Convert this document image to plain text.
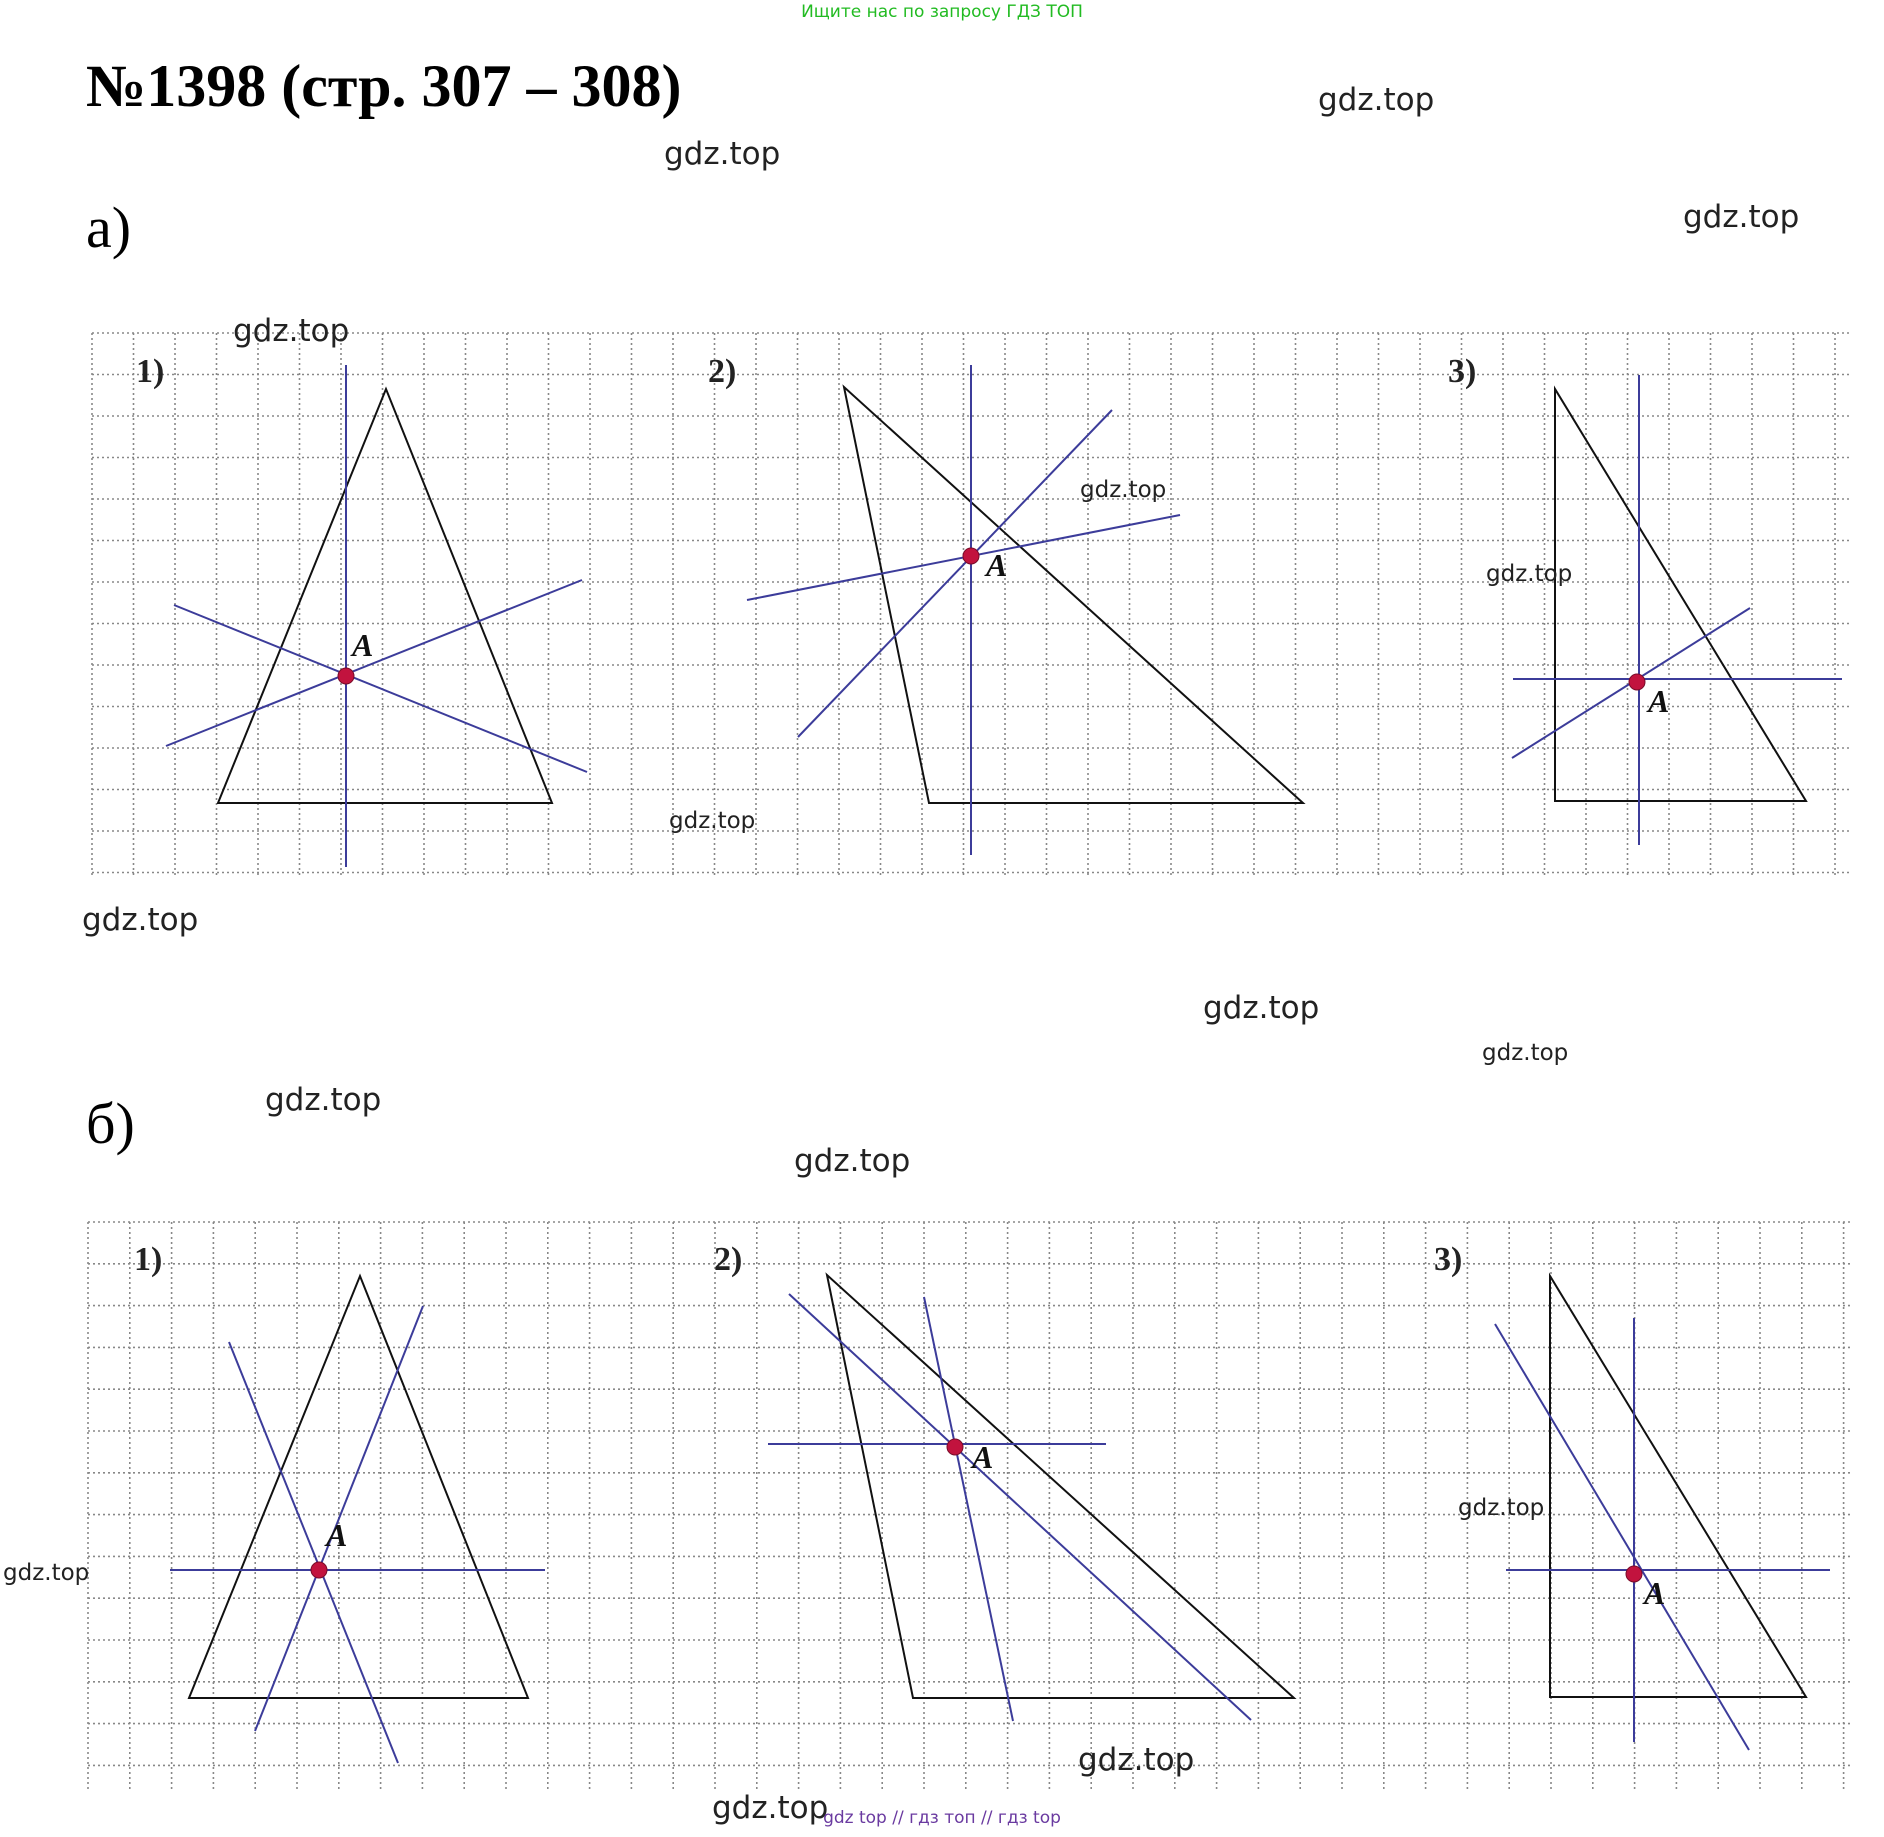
Ищите нас по запросу ГДЗ ТОП
№1398 (стр. 307 – 308)
а)
б)
1)
A
2)
A
3)
A
1)
A
2)
A
3)
A
gdz.top
gdz.top
gdz.top
gdz.top
gdz.top
gdz.top
gdz.top
gdz.top
gdz.top
gdz.top
gdz.top
gdz.top
gdz.top
gdz.top
gdz.top
gdz.top
gdz top // гдз топ // гдз top
